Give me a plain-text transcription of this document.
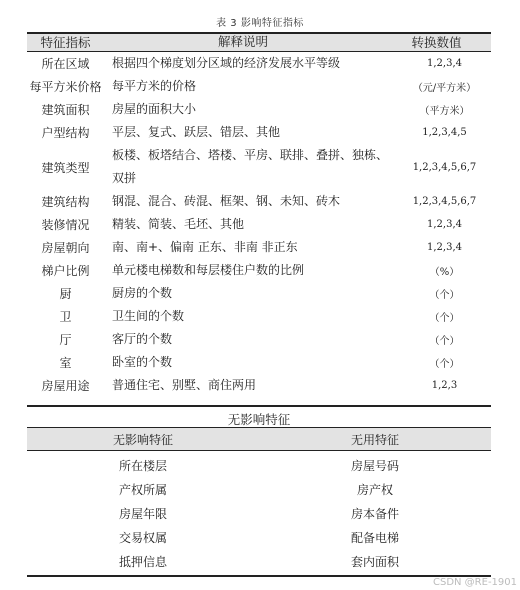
表 3 影响特征指标
特征指标	解释说明	转换数值
所在区域	根据四个梯度划分区域的经济发展水平等级	1,2,3,4
每平方米价格	每平方米的价格	（元/平方米）
建筑面积	房屋的面积大小	（平方米）
户型结构	平层、复式、跃层、错层、其他	1,2,3,4,5
建筑类型	板楼、板塔结合、塔楼、平房、联排、叠拼、独栋、双拼	1,2,3,4,5,6,7
建筑结构	钢混、混合、砖混、框架、钢、未知、砖木	1,2,3,4,5,6,7
装修情况	精装、简装、毛坯、其他	1,2,3,4
房屋朝向	南、南+、偏南 正东、非南 非正东	1,2,3,4
梯户比例	单元楼电梯数和每层楼住户数的比例	（%）
厨	厨房的个数	（个）
卫	卫生间的个数	（个）
厅	客厅的个数	（个）
室	卧室的个数	（个）
房屋用途	普通住宅、别墅、商住两用	1,2,3
无影响特征
无影响特征	无用特征
所在楼层	房屋号码
产权所属	房产权
房屋年限	房本备件
交易权属	配备电梯
抵押信息	套内面积
CSDN @RE-1901
